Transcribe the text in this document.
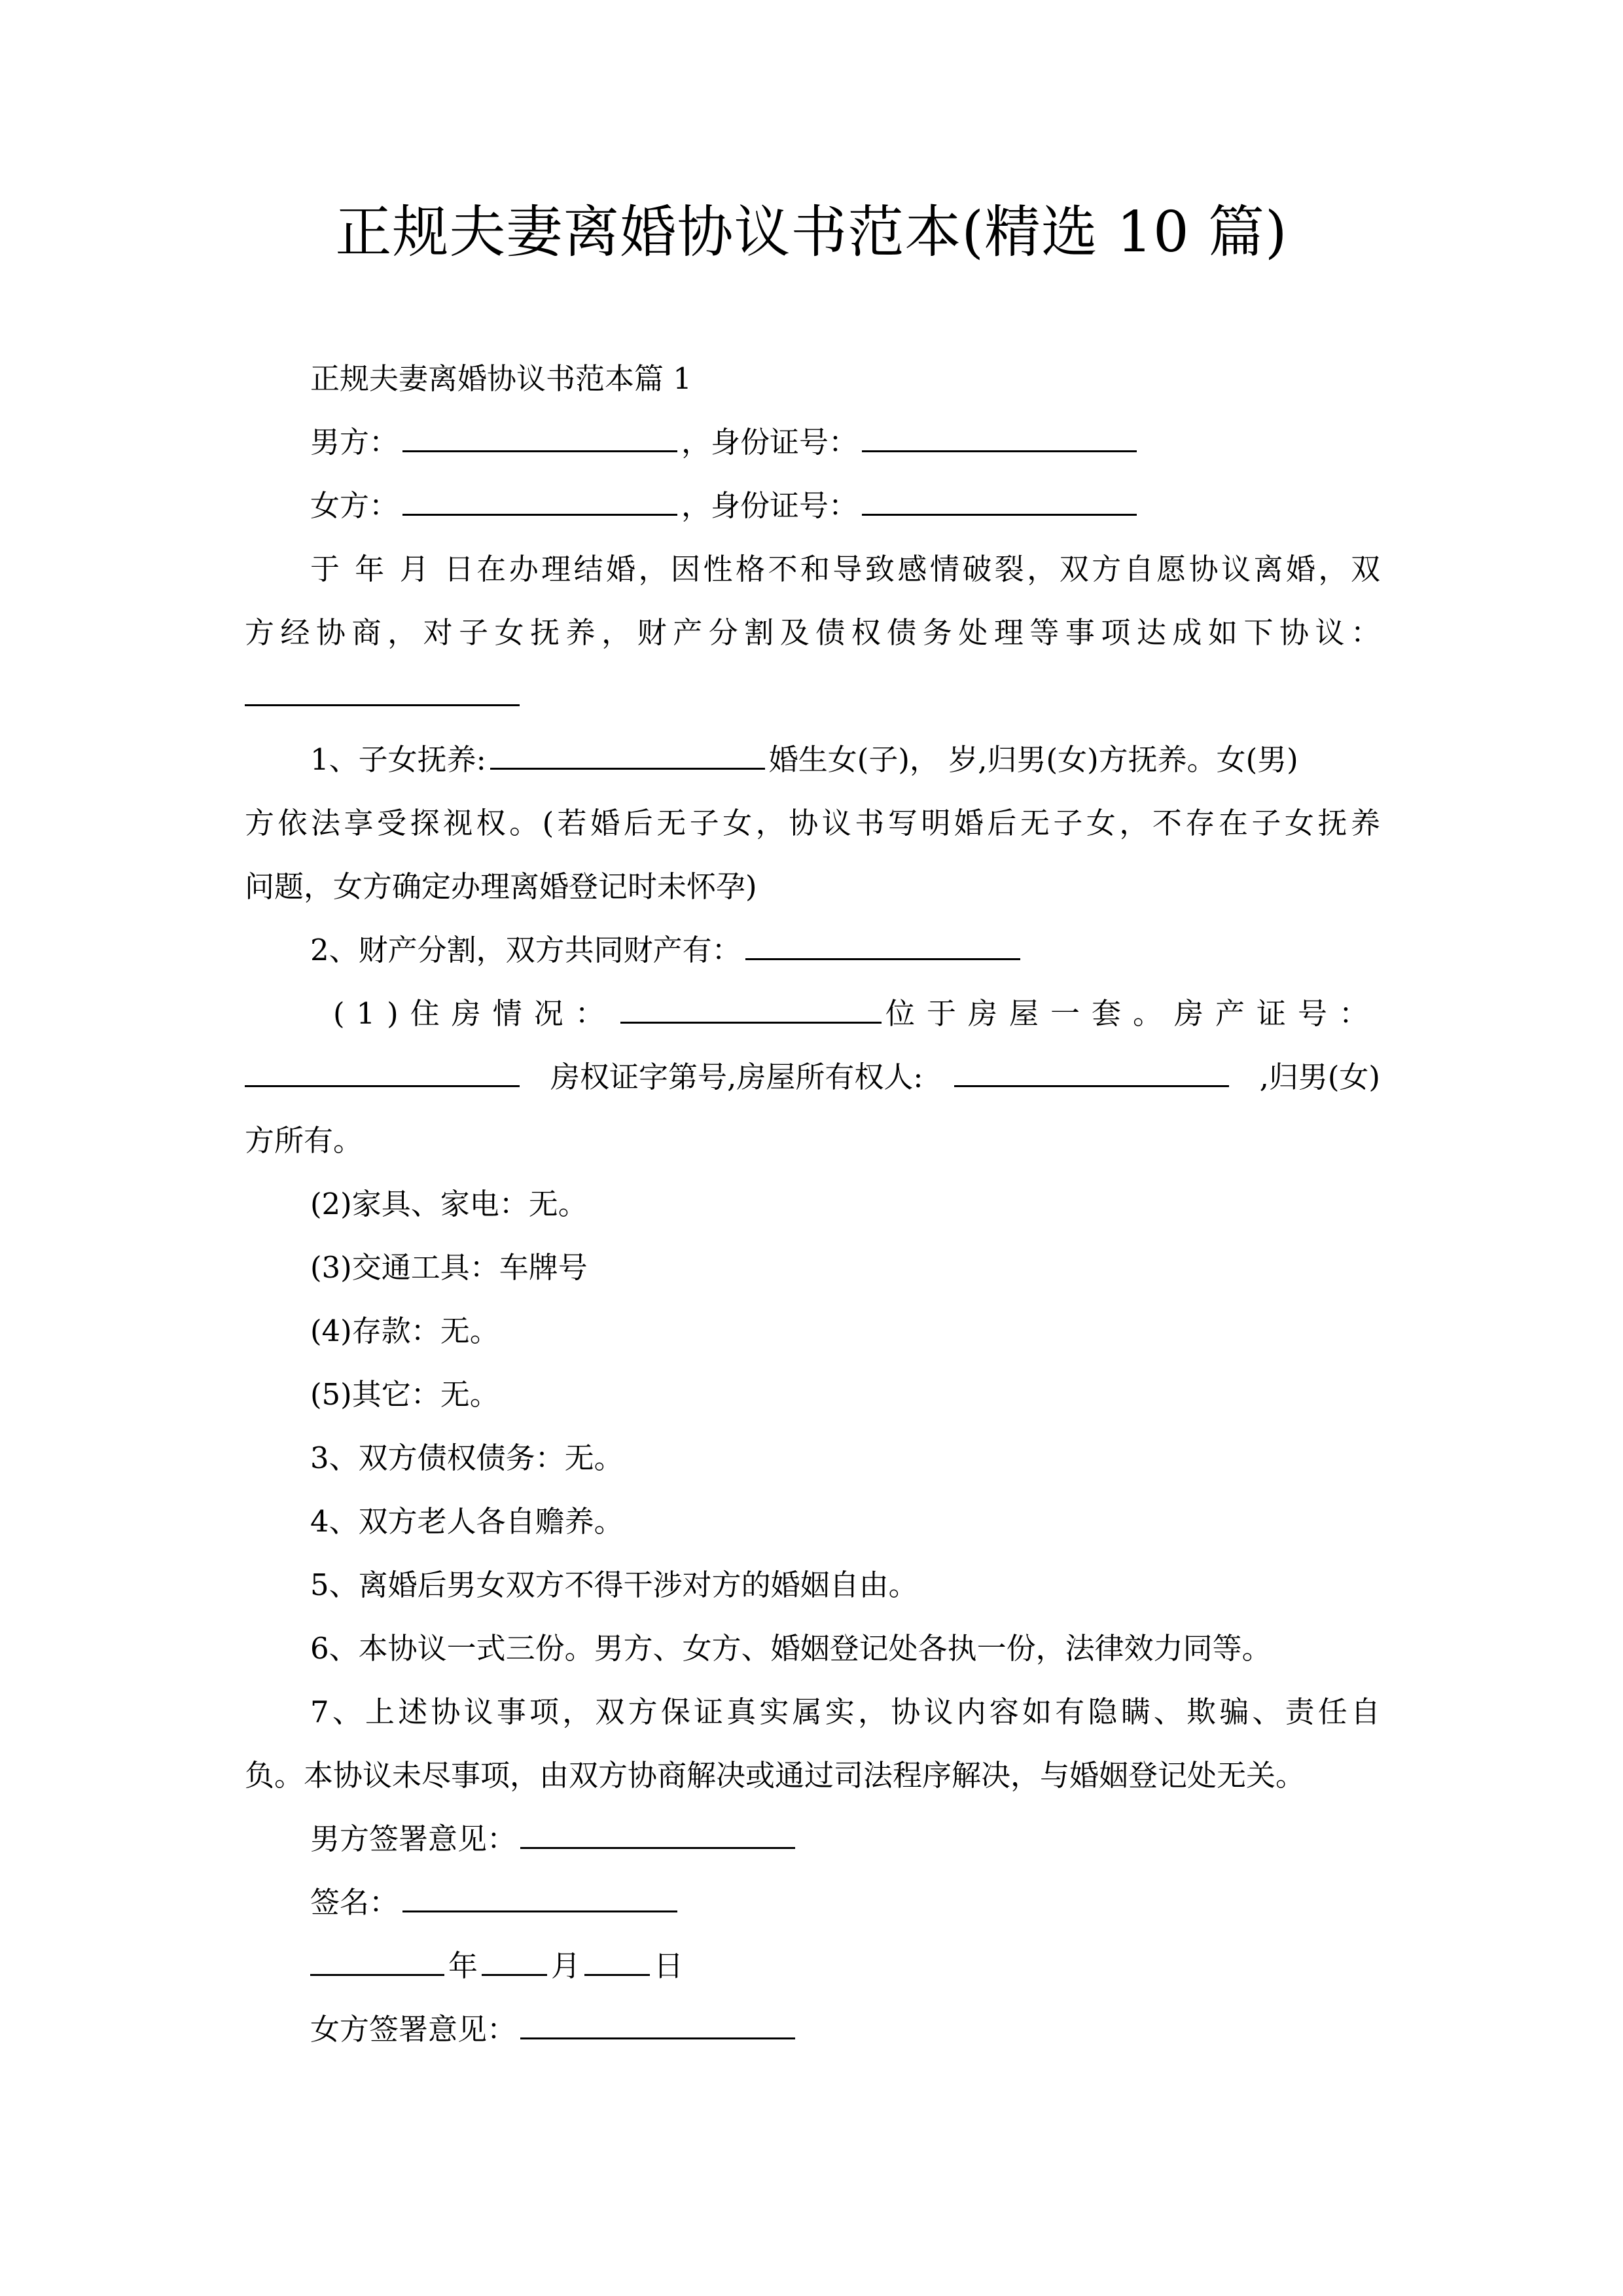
正规夫妻离婚协议书范本(精选 10 篇)
正规夫妻离婚协议书范本篇 1
男方：	，身份证号：
女方：	，身份证号：
于 年 月 日在办理结婚，因性格不和导致感情破裂，双方自愿协议离婚，双
方经协商，对子女抚养，财产分割及债权债务处理等事项达成如下协议：
1、子女抚养:	婚生女(子)， 岁,归男(女)方抚养。女(男)
方依法享受探视权。(若婚后无子女，协议书写明婚后无子女，不存在子女抚养
问题，女方确定办理离婚登记时未怀孕)
2、财产分割，双方共同财产有：
(1)住房情况：	位于房屋一套。房产证号：
房权证字第号,房屋所有权人:	,归男(女)
方所有。
(2)家具、家电：无。
(3)交通工具：车牌号
(4)存款：无。
(5)其它：无。
3、双方债权债务：无。
4、双方老人各自赡养。
5、离婚后男女双方不得干涉对方的婚姻自由。
6、本协议一式三份。男方、女方、婚姻登记处各执一份，法律效力同等。
7、上述协议事项，双方保证真实属实，协议内容如有隐瞒、欺骗、责任自
负。本协议未尽事项，由双方协商解决或通过司法程序解决，与婚姻登记处无关。
男方签署意见：
签名：
年 月 日
女方签署意见：
